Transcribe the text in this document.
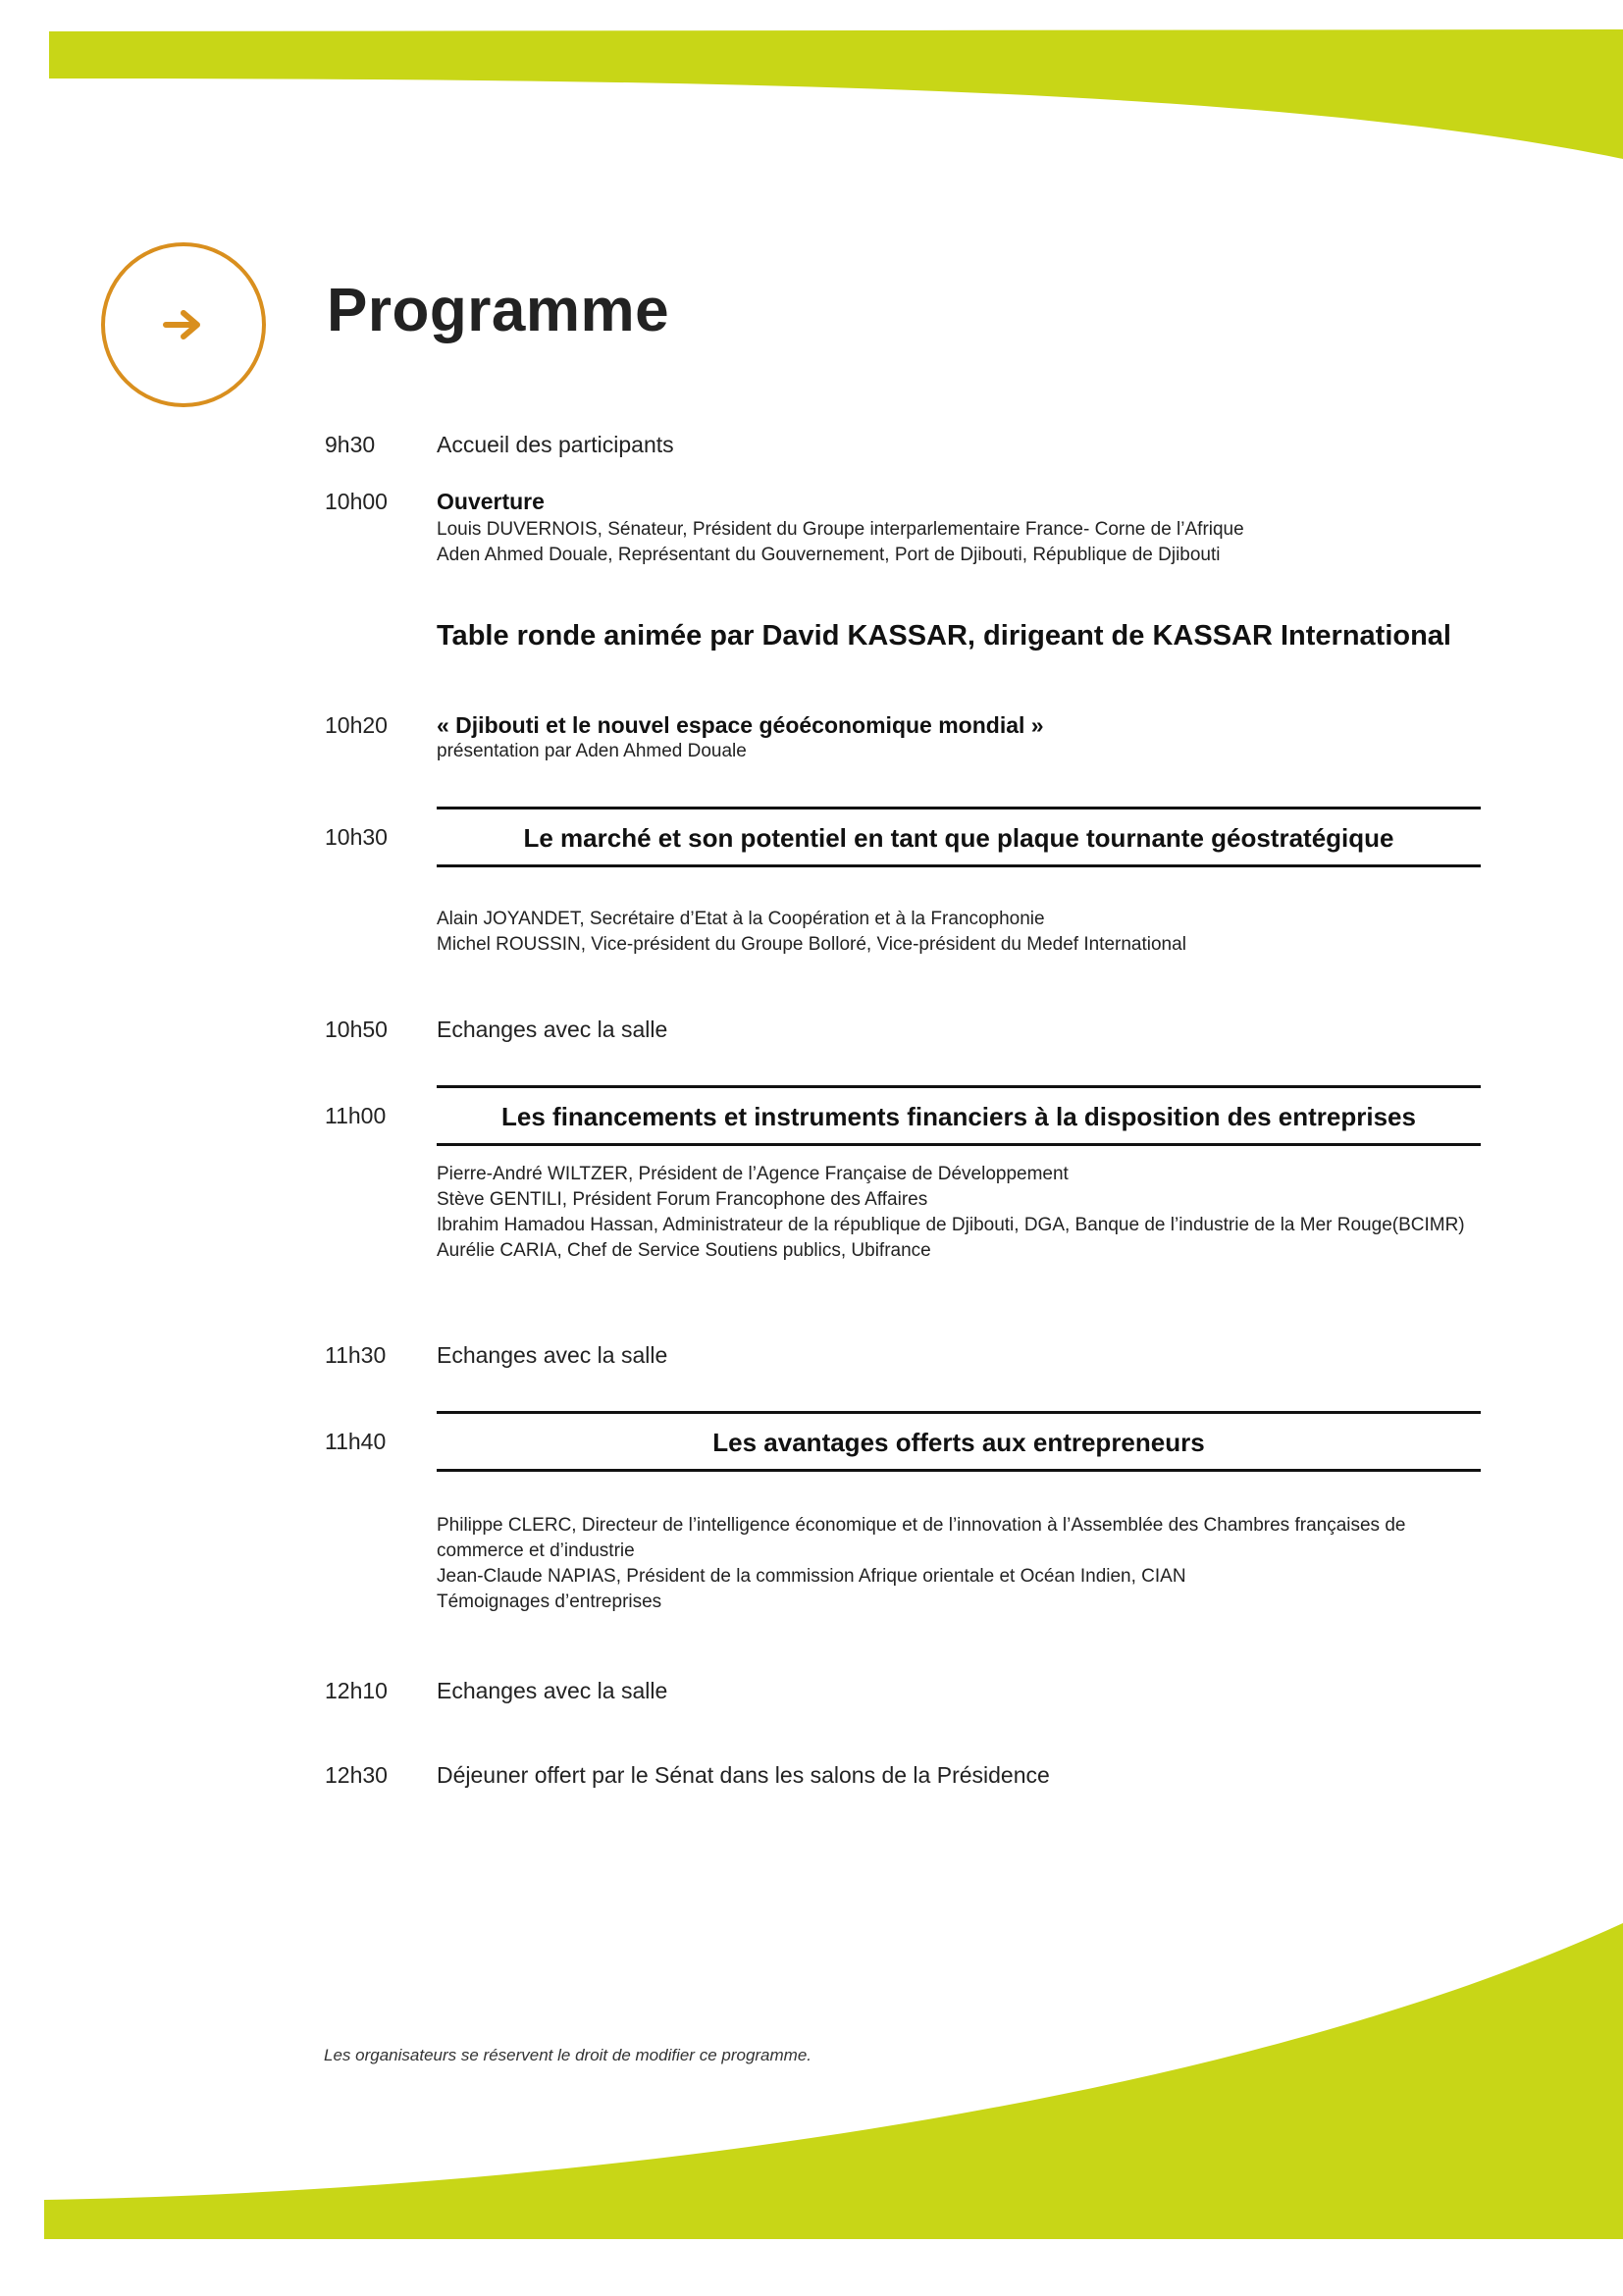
Programme
9h30	Accueil des participants
10h00	Ouverture
Louis DUVERNOIS, Sénateur, Président du Groupe interparlementaire France- Corne de l’Afrique
Aden Ahmed Douale, Représentant du Gouvernement, Port de Djibouti, République de Djibouti
Table ronde animée par David KASSAR, dirigeant de KASSAR International
10h20	« Djibouti et le nouvel espace géoéconomique mondial »
présentation par Aden Ahmed Douale
10h30	Le marché et son potentiel en tant que plaque tournante géostratégique
Alain JOYANDET, Secrétaire d’Etat à la Coopération et à la Francophonie
Michel ROUSSIN, Vice-président du Groupe Bolloré, Vice-président du Medef International
10h50	Echanges avec la salle
11h00	Les financements et instruments financiers à la disposition des entreprises
Pierre-André WILTZER, Président de l’Agence Française de Développement
Stève GENTILI, Président Forum Francophone des Affaires
Ibrahim Hamadou Hassan, Administrateur de la république de Djibouti, DGA, Banque de l’industrie de la Mer Rouge(BCIMR)
Aurélie CARIA, Chef de Service Soutiens publics, Ubifrance
11h30	Echanges avec la salle
11h40	Les avantages offerts aux entrepreneurs
Philippe CLERC, Directeur de l’intelligence économique et de l’innovation à l’Assemblée des Chambres françaises de commerce et d’industrie
Jean-Claude NAPIAS, Président de la commission Afrique orientale et Océan Indien, CIAN
Témoignages d’entreprises
12h10	Echanges avec la salle
12h30	Déjeuner offert par le Sénat dans les salons de la Présidence
Les organisateurs se réservent le droit de modifier ce programme.
